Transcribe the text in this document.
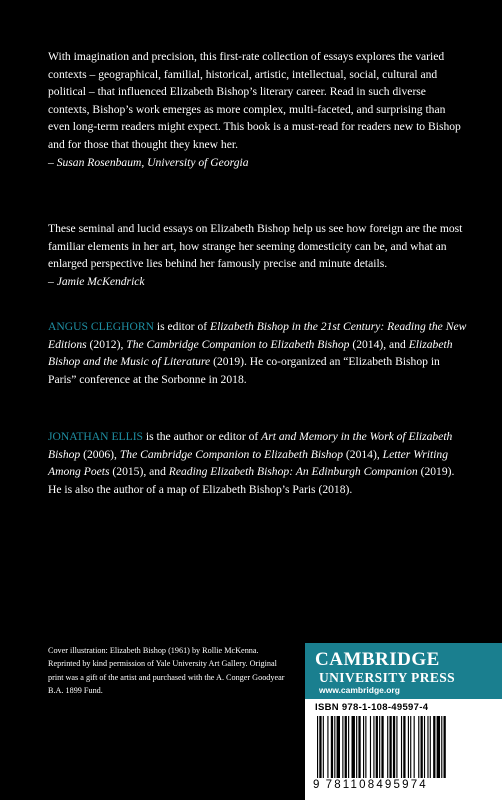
With imagination and precision, this first-rate collection of essays explores the varied contexts – geographical, familial, historical, artistic, intellectual, social, cultural and political – that influenced Elizabeth Bishop’s literary career. Read in such diverse contexts, Bishop’s work emerges as more complex, multi-faceted, and surprising than even long-term readers might expect. This book is a must-read for readers new to Bishop and for those that thought they knew her.

– Susan Rosenbaum, University of Georgia

These seminal and lucid essays on Elizabeth Bishop help us see how foreign are the most familiar elements in her art, how strange her seeming domesticity can be, and what an enlarged perspective lies behind her famously precise and minute details.

– Jamie McKendrick

ANGUS CLEGHORN is editor of Elizabeth Bishop in the 21st Century: Reading the New Editions (2012), The Cambridge Companion to Elizabeth Bishop (2014), and Elizabeth Bishop and the Music of Literature (2019). He co-organized an “Elizabeth Bishop in Paris” conference at the Sorbonne in 2018.

JONATHAN ELLIS is the author or editor of Art and Memory in the Work of Elizabeth Bishop (2006), The Cambridge Companion to Elizabeth Bishop (2014), Letter Writing Among Poets (2015), and Reading Elizabeth Bishop: An Edinburgh Companion (2019). He is also the author of a map of Elizabeth Bishop’s Paris (2018).

Cover illustration: Elizabeth Bishop (1961) by Rollie McKenna. Reprinted by kind permission of Yale University Art Gallery. Original print was a gift of the artist and purchased with the A. Conger Goodyear B.A. 1899 Fund.
CAMBRIDGE
UNIVERSITY PRESS
www.cambridge.org
ISBN 978-1-108-49597-4
9 781108495974
